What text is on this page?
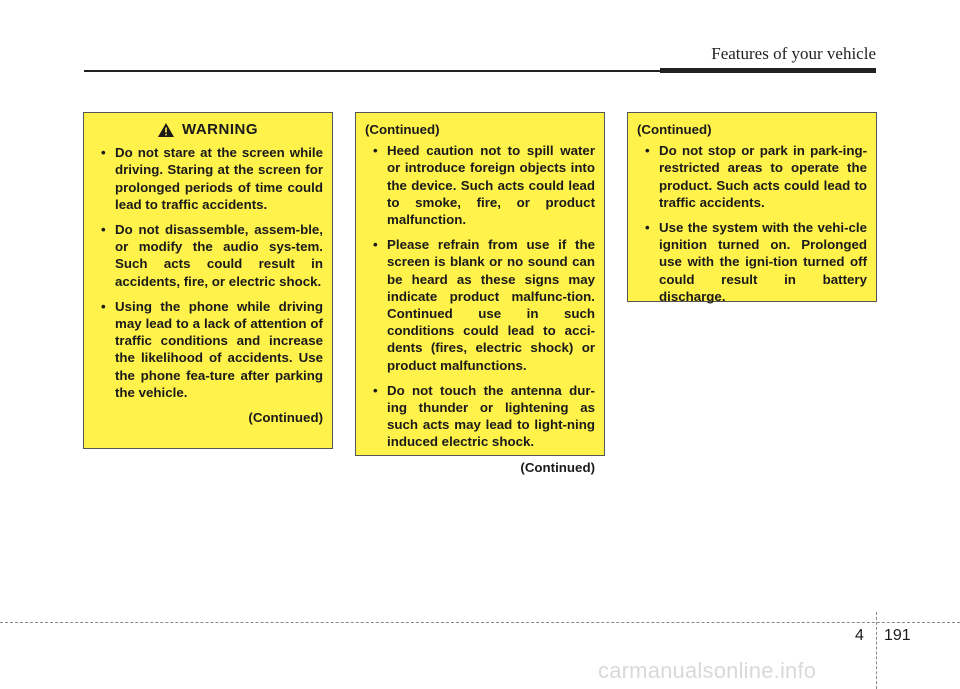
Features of your vehicle
WARNING
• Do not stare at the screen while driving. Staring at the screen for prolonged periods of time could lead to traffic accidents.
• Do not disassemble, assem-ble, or modify the audio sys-tem. Such acts could result in accidents, fire, or electric shock.
• Using the phone while driving may lead to a lack of attention of traffic conditions and increase the likelihood of accidents. Use the phone fea-ture after parking the vehicle.
(Continued)
(Continued)
• Heed caution not to spill water or introduce foreign objects into the device. Such acts could lead to smoke, fire, or product malfunction.
• Please refrain from use if the screen is blank or no sound can be heard as these signs may indicate product malfunc-tion. Continued use in such conditions could lead to acci-dents (fires, electric shock) or product malfunctions.
• Do not touch the antenna dur-ing thunder or lightening as such acts may lead to light-ning induced electric shock.
(Continued)
(Continued)
• Do not stop or park in park-ing-restricted areas to operate the product. Such acts could lead to traffic accidents.
• Use the system with the vehi-cle ignition turned on. Prolonged use with the igni-tion turned off could result in battery discharge.
4 191
carmanualsonline.info
